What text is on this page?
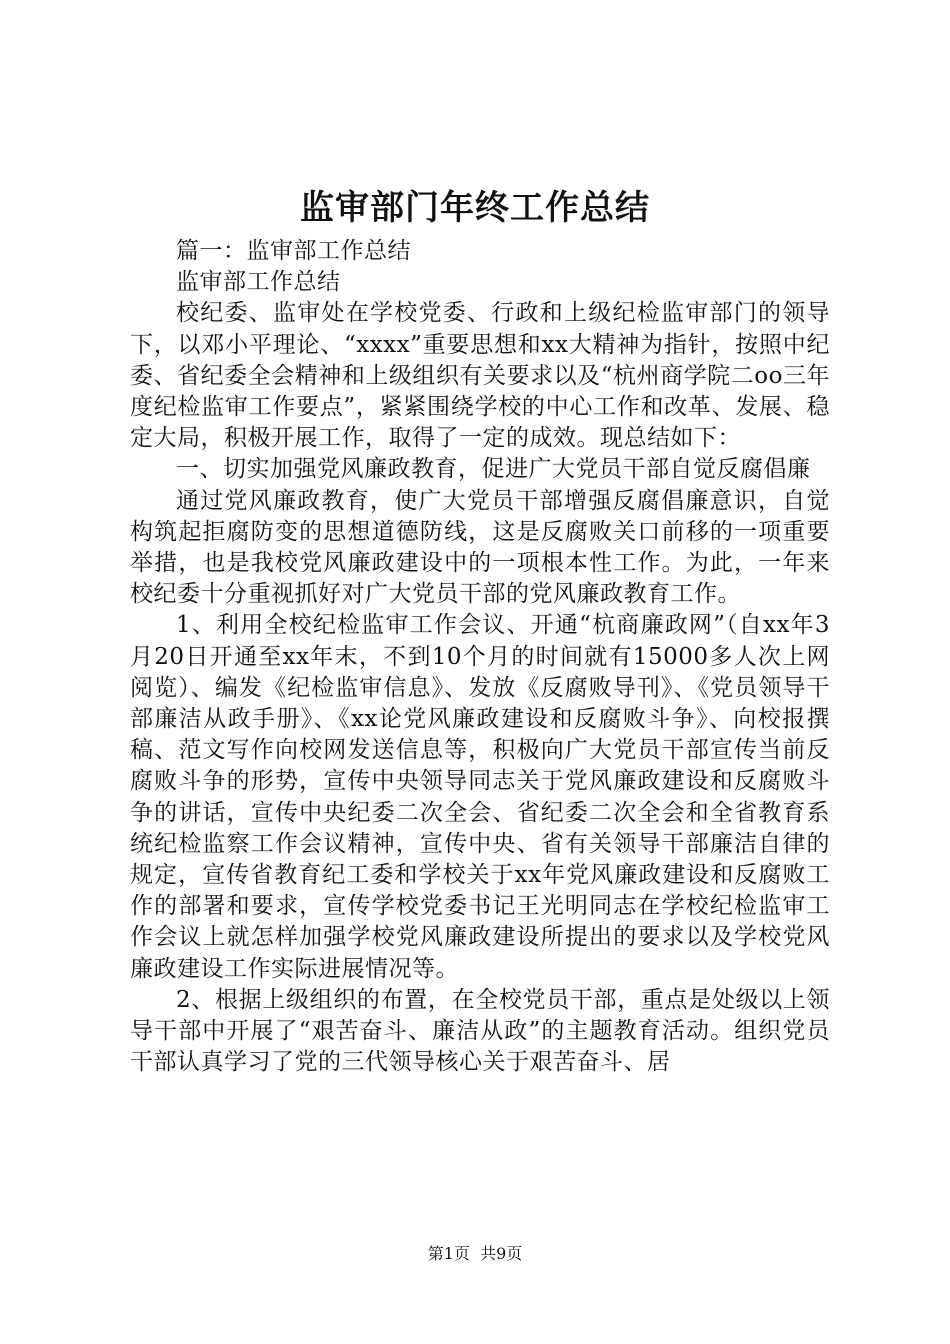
监审部门年终工作总结

篇一：监审部工作总结

监审部工作总结

校纪委、监审处在学校党委、行政和上级纪检监审部门的领导下，以邓小平理论、“xxxx”重要思想和xx大精神为指针，按照中纪委、省纪委全会精神和上级组织有关要求以及“杭州商学院二oo三年度纪检监审工作要点”，紧紧围绕学校的中心工作和改革、发展、稳定大局，积极开展工作，取得了一定的成效。现总结如下：

一、切实加强党风廉政教育，促进广大党员干部自觉反腐倡廉

通过党风廉政教育，使广大党员干部增强反腐倡廉意识，自觉构筑起拒腐防变的思想道德防线，这是反腐败关口前移的一项重要举措，也是我校党风廉政建设中的一项根本性工作。为此，一年来校纪委十分重视抓好对广大党员干部的党风廉政教育工作。

1、利用全校纪检监审工作会议、开通“杭商廉政网”（自xx年3月20日开通至xx年末，不到10个月的时间就有15000多人次上网阅览）、编发《纪检监审信息》、发放《反腐败导刊》、《党员领导干部廉洁从政手册》、《xx论党风廉政建设和反腐败斗争》、向校报撰稿、范文写作向校网发送信息等，积极向广大党员干部宣传当前反腐败斗争的形势，宣传中央领导同志关于党风廉政建设和反腐败斗争的讲话，宣传中央纪委二次全会、省纪委二次全会和全省教育系统纪检监察工作会议精神，宣传中央、省有关领导干部廉洁自律的规定，宣传省教育纪工委和学校关于xx年党风廉政建设和反腐败工作的部署和要求，宣传学校党委书记王光明同志在学校纪检监审工作会议上就怎样加强学校党风廉政建设所提出的要求以及学校党风廉政建设工作实际进展情况等。

2、根据上级组织的布置，在全校党员干部，重点是处级以上领导干部中开展了“艰苦奋斗、廉洁从政”的主题教育活动。组织党员干部认真学习了党的三代领导核心关于艰苦奋斗、居

第1页 共9页
